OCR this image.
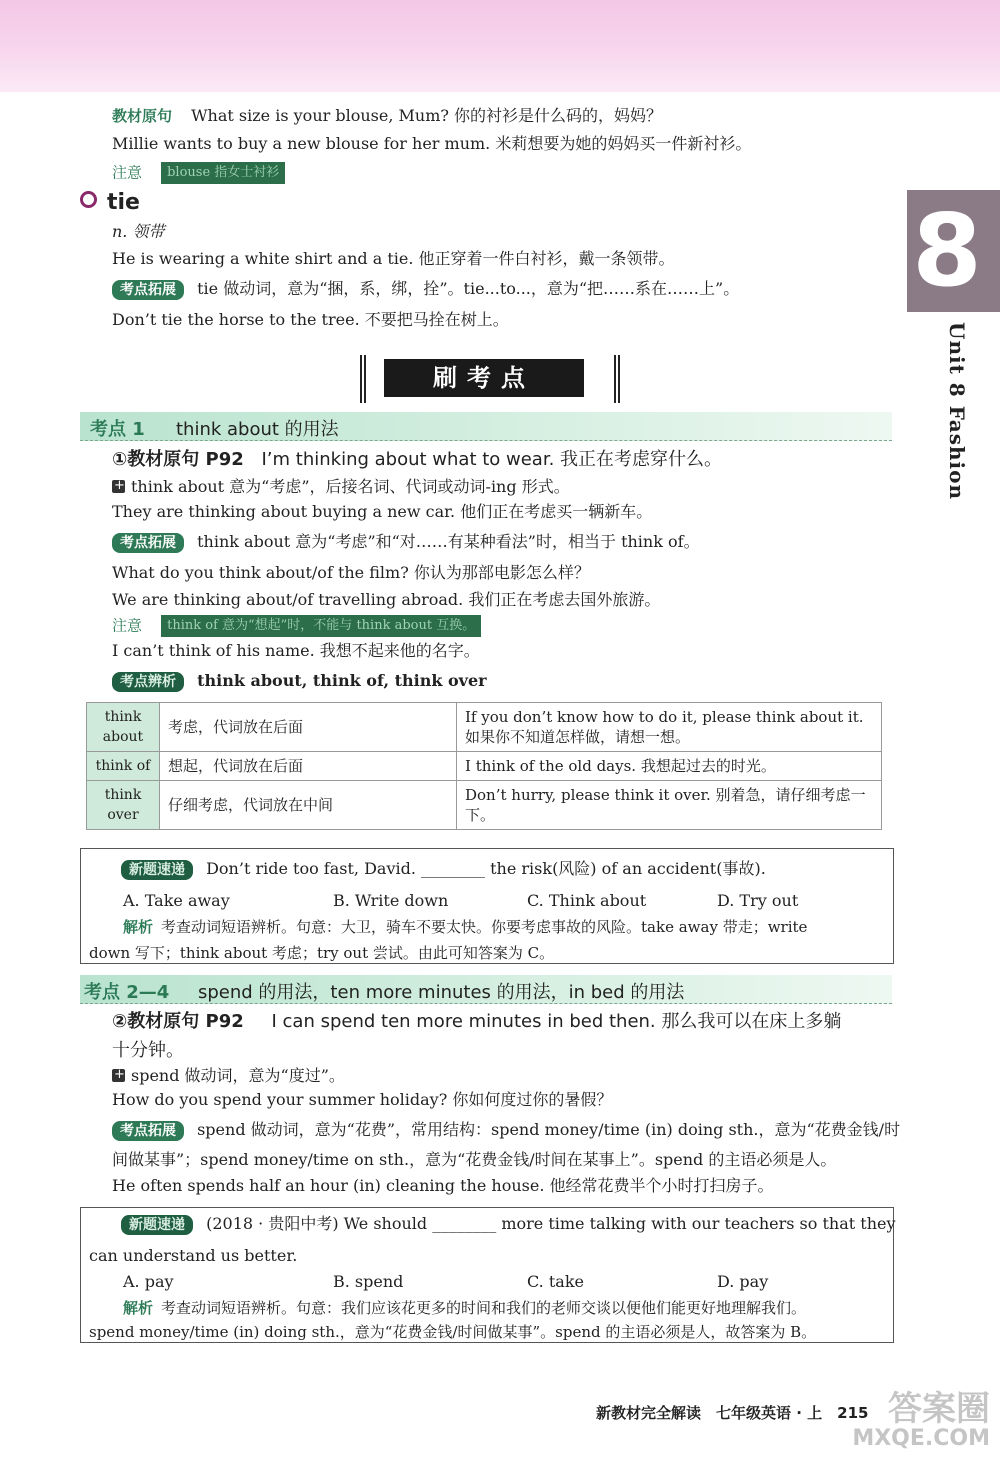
教材原句 What size is your blouse, Mum? 你的衬衫是什么码的，妈妈？
Millie wants to buy a new blouse for her mum. 米莉想要为她的妈妈买一件新衬衫。
注意 blouse 指女士衬衫
tie
n. 领带
He is wearing a white shirt and a tie. 他正穿着一件白衬衫，戴一条领带。
考点拓展 tie 做动词，意为“捆，系，绑，拴”。tie...to...，意为“把……系在……上”。
Don’t tie the horse to the tree. 不要把马拴在树上。
8
Unit 8 Fashion
刷考点
考点 1 think about 的用法
①教材原句 P92 I’m thinking about what to wear. 我正在考虑穿什么。
+think about 意为“考虑”，后接名词、代词或动词-ing 形式。
They are thinking about buying a new car. 他们正在考虑买一辆新车。
考点拓展 think about 意为“考虑”和“对……有某种看法”时，相当于 think of。
What do you think about/of the film? 你认为那部电影怎么样？
We are thinking about/of travelling abroad. 我们正在考虑去国外旅游。
注意 think of 意为“想起”时，不能与 think about 互换。
I can’t think of his name. 我想不起来他的名字。
考点辨析 think about, think of, think over
think about	考虑，代词放在后面	If you don’t know how to do it, please think about it. 如果你不知道怎样做，请想一想。
think of	想起，代词放在后面	I think of the old days. 我想起过去的时光。
think over	仔细考虑，代词放在中间	Don’t hurry, please think it over. 别着急，请仔细考虑一下。
新题速递 Don’t ride too fast, David. ________ the risk(风险) of an accident(事故).
A. Take away	B. Write down	C. Think about	D. Try out
解析 考查动词短语辨析。句意：大卫，骑车不要太快。你要考虑事故的风险。take away 带走；write
down 写下；think about 考虑；try out 尝试。由此可知答案为 C。
考点 2—4 spend 的用法，ten more minutes 的用法，in bed 的用法
②教材原句 P92 I can spend ten more minutes in bed then. 那么我可以在床上多躺
十分钟。
+spend 做动词，意为“度过”。
How do you spend your summer holiday? 你如何度过你的暑假？
考点拓展 spend 做动词，意为“花费”，常用结构：spend money/time (in) doing sth.，意为“花费金钱/时
间做某事”；spend money/time on sth.，意为“花费金钱/时间在某事上”。spend 的主语必须是人。
He often spends half an hour (in) cleaning the house. 他经常花费半个小时打扫房子。
新题速递 (2018 · 贵阳中考) We should ________ more time talking with our teachers so that they
can understand us better.
A. pay	B. spend	C. take	D. pay
解析 考查动词短语辨析。句意：我们应该花更多的时间和我们的老师交谈以便他们能更好地理解我们。
spend money/time (in) doing sth.，意为“花费金钱/时间做某事”。spend 的主语必须是人，故答案为 B。
新教材完全解读　七年级英语 · 上　215 答案圈
MXQE.COM
